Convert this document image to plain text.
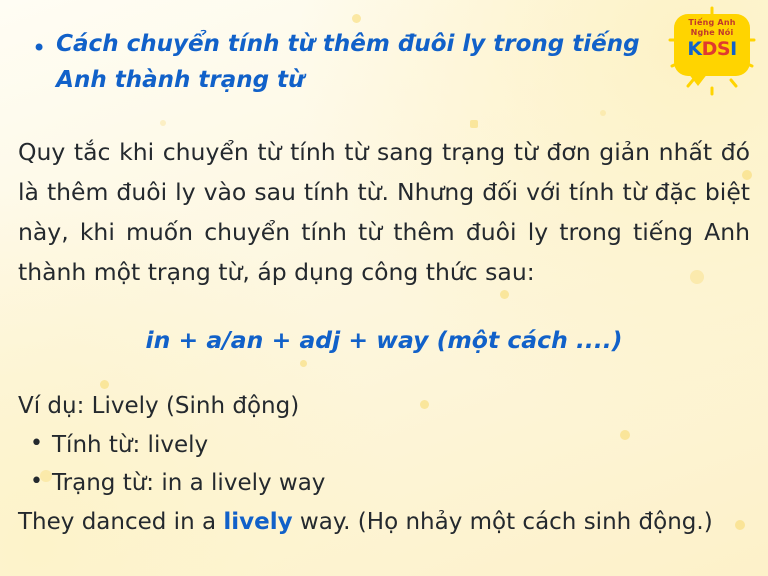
Tiếng Anh
Nghe Nói
KDSI
• Cách chuyển tính từ thêm đuôi ly trong tiếng Anh thành trạng từ
Quy tắc khi chuyển từ tính từ sang trạng từ đơn giản nhất đó là thêm đuôi ly vào sau tính từ. Nhưng đối với tính từ đặc biệt này, khi muốn chuyển tính từ thêm đuôi ly trong tiếng Anh thành một trạng từ, áp dụng công thức sau:
in + a/an + adj + way (một cách ....)
Ví dụ: Lively (Sinh động)
• Tính từ: lively
• Trạng từ: in a lively way
They danced in a lively way. (Họ nhảy một cách sinh động.)
